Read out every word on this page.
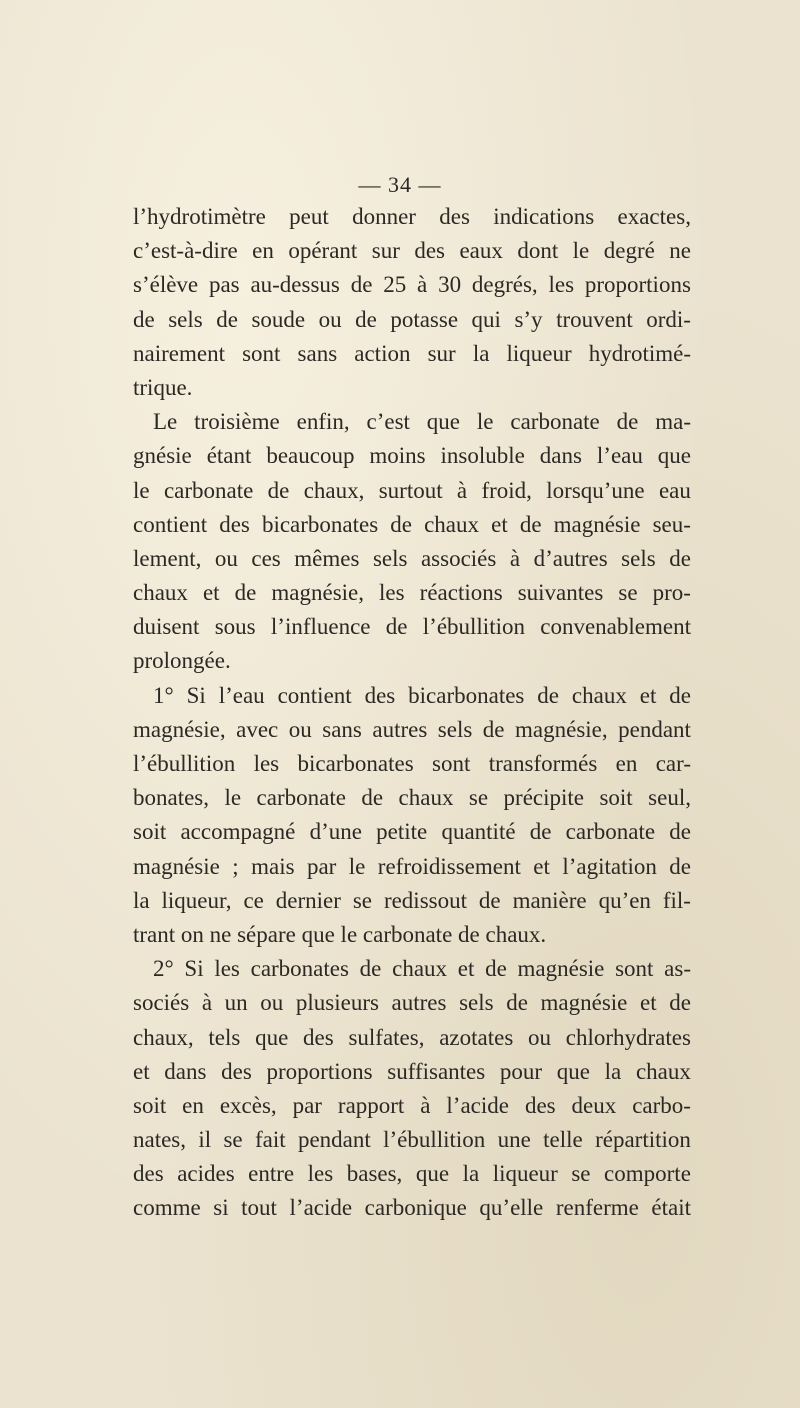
— 34 —
l’hydrotimètre peut donner des indications exactes,
c’est-à-dire en opérant sur des eaux dont le degré ne
s’élève pas au-dessus de 25 à 30 degrés, les proportions
de sels de soude ou de potasse qui s’y trouvent ordi-
nairement sont sans action sur la liqueur hydrotimé-
trique.
Le troisième enfin, c’est que le carbonate de ma-
gnésie étant beaucoup moins insoluble dans l’eau que
le carbonate de chaux, surtout à froid, lorsqu’une eau
contient des bicarbonates de chaux et de magnésie seu-
lement, ou ces mêmes sels associés à d’autres sels de
chaux et de magnésie, les réactions suivantes se pro-
duisent sous l’influence de l’ébullition convenablement
prolongée.
1° Si l’eau contient des bicarbonates de chaux et de
magnésie, avec ou sans autres sels de magnésie, pendant
l’ébullition les bicarbonates sont transformés en car-
bonates, le carbonate de chaux se précipite soit seul,
soit accompagné d’une petite quantité de carbonate de
magnésie ; mais par le refroidissement et l’agitation de
la liqueur, ce dernier se redissout de manière qu’en fil-
trant on ne sépare que le carbonate de chaux.
2° Si les carbonates de chaux et de magnésie sont as-
sociés à un ou plusieurs autres sels de magnésie et de
chaux, tels que des sulfates, azotates ou chlorhydrates
et dans des proportions suffisantes pour que la chaux
soit en excès, par rapport à l’acide des deux carbo-
nates, il se fait pendant l’ébullition une telle répartition
des acides entre les bases, que la liqueur se comporte
comme si tout l’acide carbonique qu’elle renferme était
